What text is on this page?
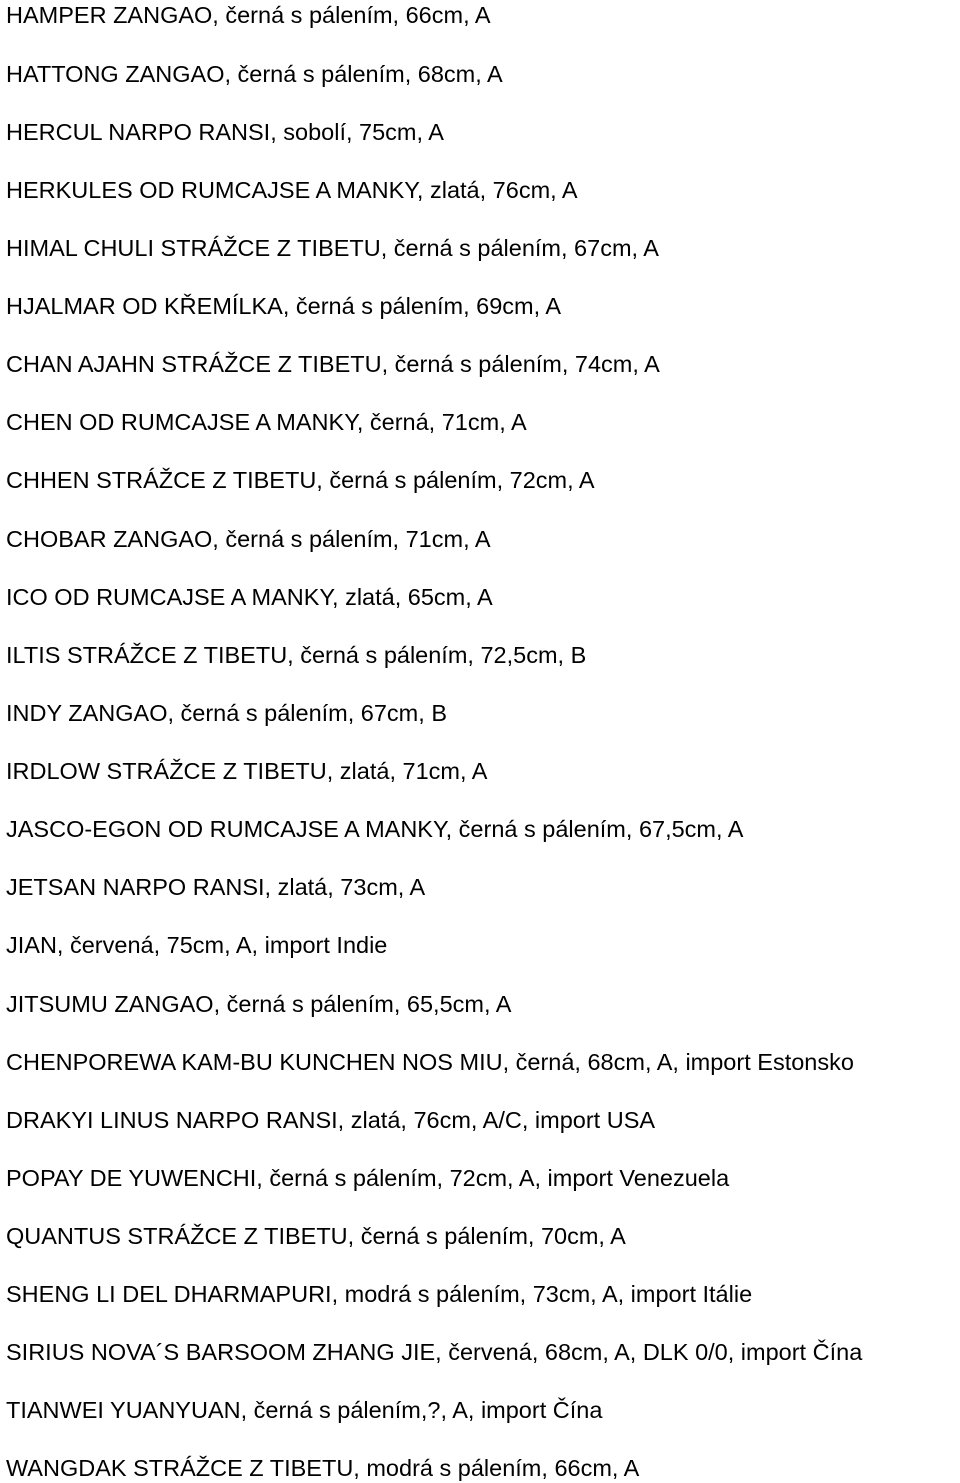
HAMPER ZANGAO, černá s pálením, 66cm, A

HATTONG ZANGAO, černá s pálením, 68cm, A

HERCUL NARPO RANSI, sobolí, 75cm, A

HERKULES OD RUMCAJSE A MANKY, zlatá, 76cm, A

HIMAL CHULI STRÁŽCE Z TIBETU, černá s pálením, 67cm, A

HJALMAR OD KŘEMÍLKA, černá s pálením, 69cm, A

CHAN AJAHN STRÁŽCE Z TIBETU, černá s pálením, 74cm, A

CHEN OD RUMCAJSE A MANKY, černá, 71cm, A

CHHEN STRÁŽCE Z TIBETU, černá s pálením, 72cm, A

CHOBAR ZANGAO, černá s pálením, 71cm, A

ICO OD RUMCAJSE A MANKY, zlatá, 65cm, A

ILTIS STRÁŽCE Z TIBETU, černá s pálením, 72,5cm, B

INDY ZANGAO, černá s pálením, 67cm, B

IRDLOW STRÁŽCE Z TIBETU, zlatá, 71cm, A

JASCO-EGON OD RUMCAJSE A MANKY, černá s pálením, 67,5cm, A

JETSAN NARPO RANSI, zlatá, 73cm, A

JIAN, červená, 75cm, A, import Indie

JITSUMU ZANGAO, černá s pálením, 65,5cm, A

CHENPOREWA KAM-BU KUNCHEN NOS MIU, černá, 68cm, A, import Estonsko

DRAKYI LINUS NARPO RANSI, zlatá, 76cm, A/C, import USA

POPAY DE YUWENCHI, černá s pálením, 72cm, A, import Venezuela

QUANTUS STRÁŽCE Z TIBETU, černá s pálením, 70cm, A

SHENG LI DEL DHARMAPURI, modrá s pálením, 73cm, A, import Itálie

SIRIUS NOVA´S BARSOOM ZHANG JIE, červená, 68cm, A, DLK 0/0, import Čína

TIANWEI YUANYUAN, černá s pálením,?, A, import Čína

WANGDAK STRÁŽCE Z TIBETU, modrá s pálením, 66cm, A
